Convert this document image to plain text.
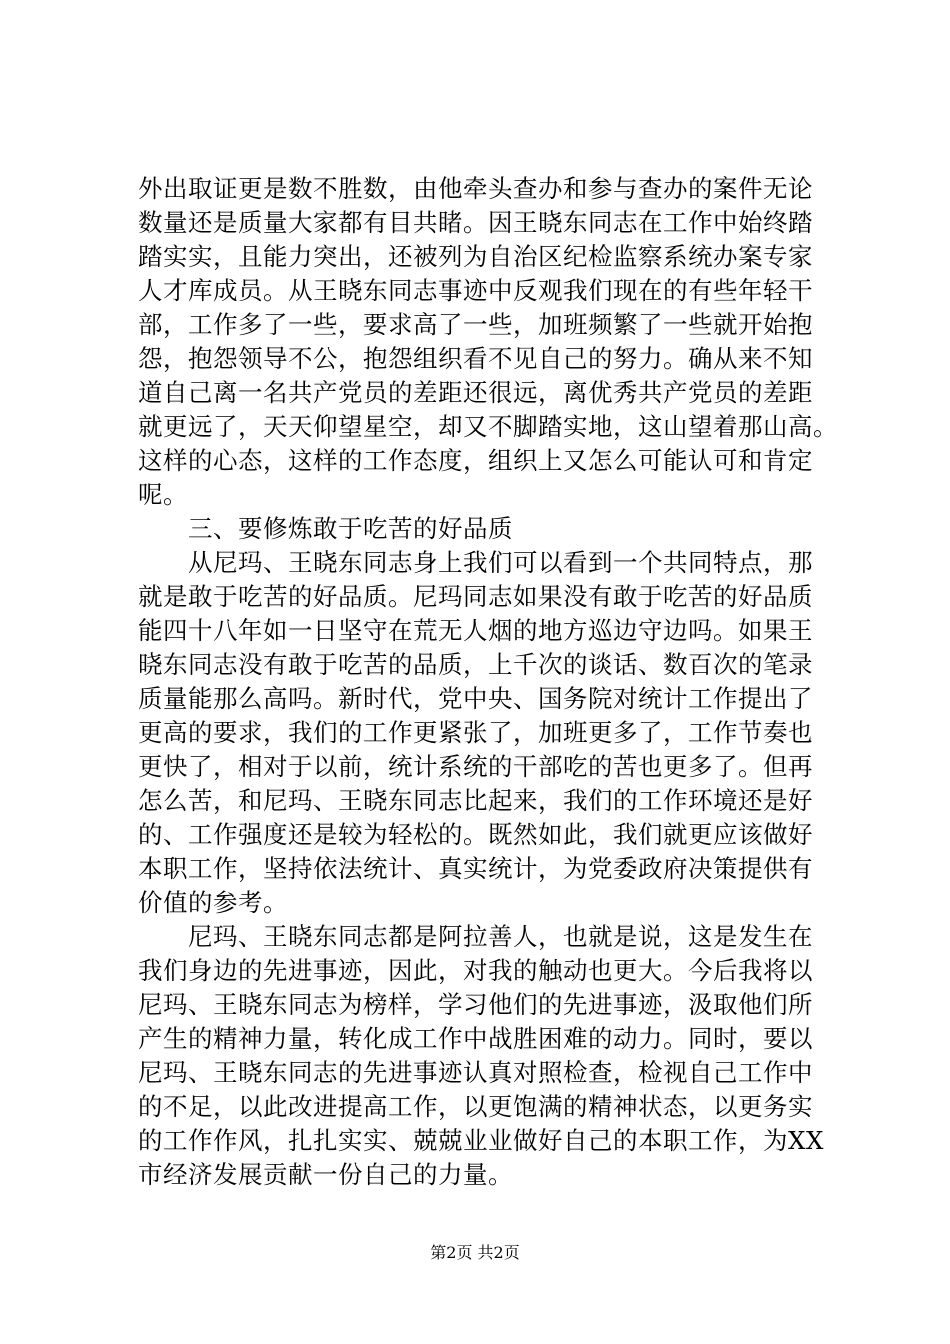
外出取证更是数不胜数，由他牵头查办和参与查办的案件无论
数量还是质量大家都有目共睹。因王晓东同志在工作中始终踏
踏实实，且能力突出，还被列为自治区纪检监察系统办案专家
人才库成员。从王晓东同志事迹中反观我们现在的有些年轻干
部，工作多了一些，要求高了一些，加班频繁了一些就开始抱
怨，抱怨领导不公，抱怨组织看不见自己的努力。确从来不知
道自己离一名共产党员的差距还很远，离优秀共产党员的差距
就更远了，天天仰望星空，却又不脚踏实地，这山望着那山高。
这样的心态，这样的工作态度，组织上又怎么可能认可和肯定
呢。
　　三、要修炼敢于吃苦的好品质
　　从尼玛、王晓东同志身上我们可以看到一个共同特点，那
就是敢于吃苦的好品质。尼玛同志如果没有敢于吃苦的好品质
能四十八年如一日坚守在荒无人烟的地方巡边守边吗。如果王
晓东同志没有敢于吃苦的品质，上千次的谈话、数百次的笔录
质量能那么高吗。新时代，党中央、国务院对统计工作提出了
更高的要求，我们的工作更紧张了，加班更多了，工作节奏也
更快了，相对于以前，统计系统的干部吃的苦也更多了。但再
怎么苦，和尼玛、王晓东同志比起来，我们的工作环境还是好
的、工作强度还是较为轻松的。既然如此，我们就更应该做好
本职工作，坚持依法统计、真实统计，为党委政府决策提供有
价值的参考。
　　尼玛、王晓东同志都是阿拉善人，也就是说，这是发生在
我们身边的先进事迹，因此，对我的触动也更大。今后我将以
尼玛、王晓东同志为榜样，学习他们的先进事迹，汲取他们所
产生的精神力量，转化成工作中战胜困难的动力。同时，要以
尼玛、王晓东同志的先进事迹认真对照检查，检视自己工作中
的不足，以此改进提高工作，以更饱满的精神状态，以更务实
的工作作风，扎扎实实、兢兢业业做好自己的本职工作，为XX
市经济发展贡献一份自己的力量。
第2页 共2页
